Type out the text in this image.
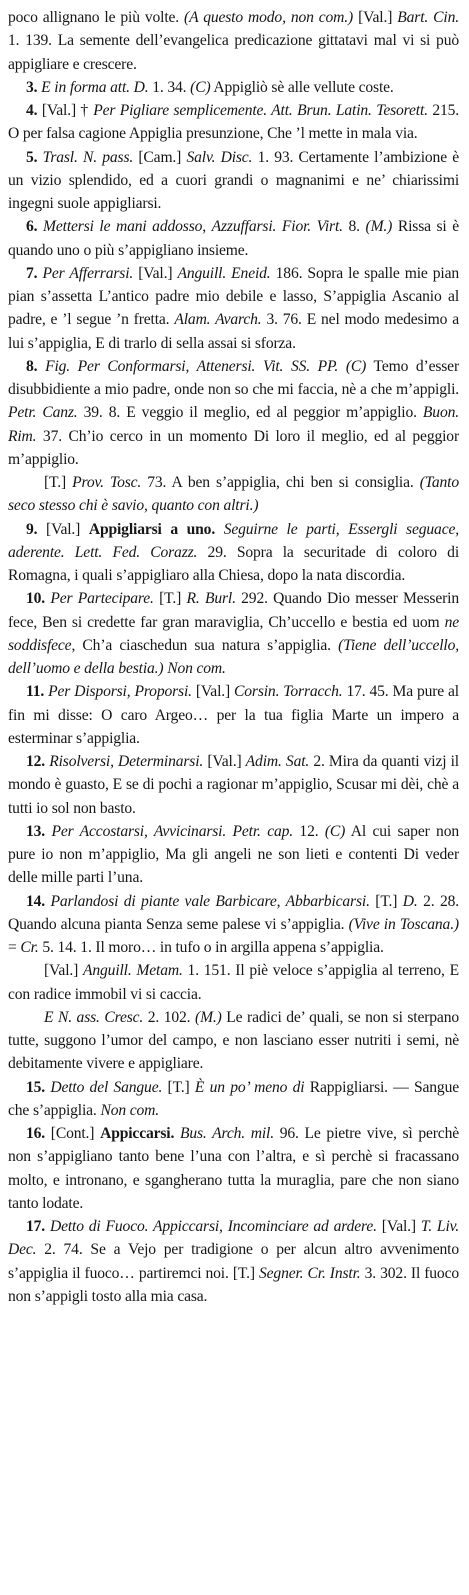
poco allignano le più volte. (A questo modo, non com.) [Val.] Bart. Cin. 1. 139. La semente dell’evangelica predicazione gittatavi mal vi si può appigliare e crescere.

3. E in forma att. D. 1. 34. (C) Appigliò sè alle vellute coste.

4. [Val.] † Per Pigliare semplicemente. Att. Brun. Latin. Tesorett. 215. O per falsa cagione Appiglia presunzione, Che ’l mette in mala via.

5. Trasl. N. pass. [Cam.] Salv. Disc. 1. 93. Certamente l’ambizione è un vizio splendido, ed a cuori grandi o magnanimi e ne’ chiarissimi ingegni suole appigliarsi.

6. Mettersi le mani addosso, Azzuffarsi. Fior. Virt. 8. (M.) Rissa si è quando uno o più s’appigliano insieme.

7. Per Afferrarsi. [Val.] Anguill. Eneid. 186. Sopra le spalle mie pian pian s’assetta L’antico padre mio debile e lasso, S’appiglia Ascanio al padre, e ’l segue ’n fretta. Alam. Avarch. 3. 76. E nel modo medesimo a lui s’appiglia, E di trarlo di sella assai si sforza.

8. Fig. Per Conformarsi, Attenersi. Vit. SS. PP. (C) Temo d’esser disubbidiente a mio padre, onde non so che mi faccia, nè a che m’appigli. Petr. Canz. 39. 8. E veggio il meglio, ed al peggior m’appiglio. Buon. Rim. 37. Ch’io cerco in un momento Di loro il meglio, ed al peggior m’appiglio.

[T.] Prov. Tosc. 73. A ben s’appiglia, chi ben si consiglia. (Tanto seco stesso chi è savio, quanto con altri.)

9. [Val.] Appigliarsi a uno. Seguirne le parti, Essergli seguace, aderente. Lett. Fed. Corazz. 29. Sopra la securitade di coloro di Romagna, i quali s’appigliaro alla Chiesa, dopo la nata discordia.

10. Per Partecipare. [T.] R. Burl. 292. Quando Dio messer Messerin fece, Ben si credette far gran maraviglia, Ch’uccello e bestia ed uom ne soddisfece, Ch’a ciaschedun sua natura s’appiglia. (Tiene dell’uccello, dell’uomo e della bestia.) Non com.

11. Per Disporsi, Proporsi. [Val.] Corsin. Torracch. 17. 45. Ma pure al fin mi disse: O caro Argeo… per la tua figlia Marte un impero a esterminar s’appiglia.

12. Risolversi, Determinarsi. [Val.] Adim. Sat. 2. Mira da quanti vizj il mondo è guasto, E se di pochi a ragionar m’appiglio, Scusar mi dèi, chè a tutti io sol non basto.

13. Per Accostarsi, Avvicinarsi. Petr. cap. 12. (C) Al cui saper non pure io non m’appiglio, Ma gli angeli ne son lieti e contenti Di veder delle mille parti l’una.

14. Parlandosi di piante vale Barbicare, Abbarbicarsi. [T.] D. 2. 28. Quando alcuna pianta Senza seme palese vi s’appiglia. (Vive in Toscana.) = Cr. 5. 14. 1. Il moro… in tufo o in argilla appena s’appiglia.

[Val.] Anguill. Metam. 1. 151. Il piè veloce s’appiglia al terreno, E con radice immobil vi si caccia.

E N. ass. Cresc. 2. 102. (M.) Le radici de’ quali, se non si sterpano tutte, suggono l’umor del campo, e non lasciano esser nutriti i semi, nè debitamente vivere e appigliare.

15. Detto del Sangue. [T.] È un po’ meno di Rappigliarsi. — Sangue che s’appiglia. Non com.

16. [Cont.] Appiccarsi. Bus. Arch. mil. 96. Le pietre vive, sì perchè non s’appigliano tanto bene l’una con l’altra, e sì perchè si fracassano molto, e intronano, e sgangherano tutta la muraglia, pare che non siano tanto lodate.

17. Detto di Fuoco. Appiccarsi, Incominciare ad ardere. [Val.] T. Liv. Dec. 2. 74. Se a Vejo per tradigione o per alcun altro avvenimento s’appiglia il fuoco… partiremci noi. [T.] Segner. Cr. Instr. 3. 302. Il fuoco non s’appigli tosto alla mia casa.
